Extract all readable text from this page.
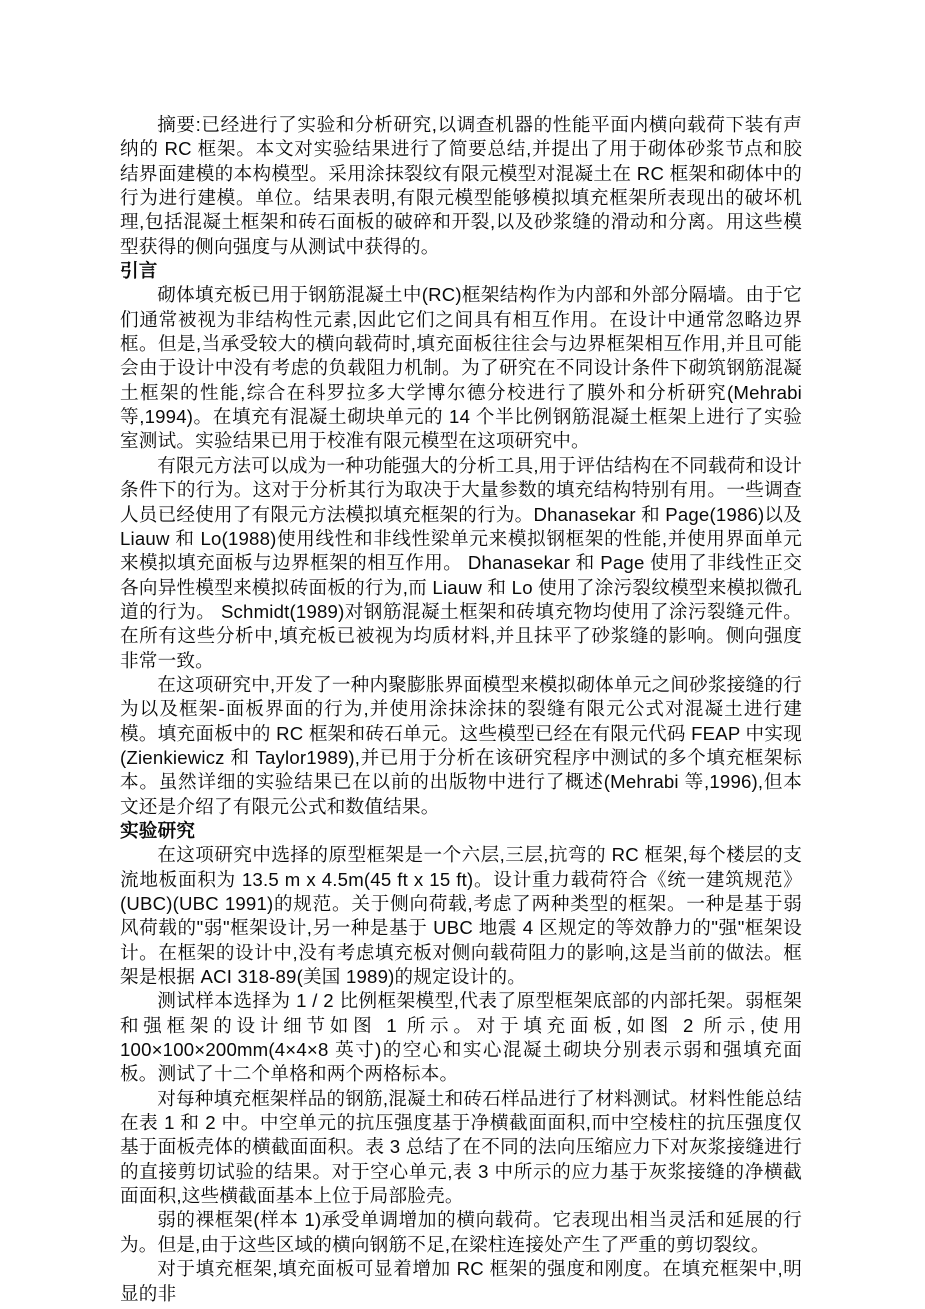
摘要:已经进行了实验和分析研究,以调查机器的性能平面内横向载荷下装有声纳的 RC 框架。本文对实验结果进行了简要总结,并提出了用于砌体砂浆节点和胶结界面建模的本构模型。采用涂抹裂纹有限元模型对混凝土在 RC 框架和砌体中的行为进行建模。单位。结果表明,有限元模型能够模拟填充框架所表现出的破坏机理,包括混凝土框架和砖石面板的破碎和开裂,以及砂浆缝的滑动和分离。用这些模型获得的侧向强度与从测试中获得的。

引言

砌体填充板已用于钢筋混凝土中(RC)框架结构作为内部和外部分隔墙。由于它们通常被视为非结构性元素,因此它们之间具有相互作用。在设计中通常忽略边界框。但是,当承受较大的横向载荷时,填充面板往往会与边界框架相互作用,并且可能会由于设计中没有考虑的负载阻力机制。为了研究在不同设计条件下砌筑钢筋混凝土框架的性能,综合在科罗拉多大学博尔德分校进行了膜外和分析研究(Mehrabi 等,1994)。在填充有混凝土砌块单元的 14 个半比例钢筋混凝土框架上进行了实验室测试。实验结果已用于校准有限元模型在这项研究中。

有限元方法可以成为一种功能强大的分析工具,用于评估结构在不同载荷和设计条件下的行为。这对于分析其行为取决于大量参数的填充结构特别有用。一些调查人员已经使用了有限元方法模拟填充框架的行为。Dhanasekar 和 Page(1986)以及 Liauw 和 Lo(1988)使用线性和非线性梁单元来模拟钢框架的性能,并使用界面单元来模拟填充面板与边界框架的相互作用。 Dhanasekar 和 Page 使用了非线性正交各向异性模型来模拟砖面板的行为,而 Liauw 和 Lo 使用了涂污裂纹模型来模拟微孔道的行为。 Schmidt(1989)对钢筋混凝土框架和砖填充物均使用了涂污裂缝元件。在所有这些分析中,填充板已被视为均质材料,并且抹平了砂浆缝的影响。侧向强度非常一致。

在这项研究中,开发了一种内聚膨胀界面模型来模拟砌体单元之间砂浆接缝的行为以及框架-面板界面的行为,并使用涂抹涂抹的裂缝有限元公式对混凝土进行建模。填充面板中的 RC 框架和砖石单元。这些模型已经在有限元代码 FEAP 中实现(Zienkiewicz 和 Taylor1989),并已用于分析在该研究程序中测试的多个填充框架标本。虽然详细的实验结果已在以前的出版物中进行了概述(Mehrabi 等,1996),但本文还是介绍了有限元公式和数值结果。

实验研究

在这项研究中选择的原型框架是一个六层,三层,抗弯的 RC 框架,每个楼层的支流地板面积为 13.5 m x 4.5m(45 ft x 15 ft)。设计重力载荷符合《统一建筑规范》(UBC)(UBC 1991)的规范。关于侧向荷载,考虑了两种类型的框架。一种是基于弱风荷载的"弱"框架设计,另一种是基于 UBC 地震 4 区规定的等效静力的"强"框架设计。在框架的设计中,没有考虑填充板对侧向载荷阻力的影响,这是当前的做法。框架是根据 ACI 318-89(美国 1989)的规定设计的。

测试样本选择为 1 / 2 比例框架模型,代表了原型框架底部的内部托架。弱框架和强框架的设计细节如图 1 所示。对于填充面板,如图 2 所示,使用 100×100×200mm(4×4×8 英寸)的空心和实心混凝土砌块分别表示弱和强填充面板。测试了十二个单格和两个两格标本。

对每种填充框架样品的钢筋,混凝土和砖石样品进行了材料测试。材料性能总结在表 1 和 2 中。中空单元的抗压强度基于净横截面面积,而中空棱柱的抗压强度仅基于面板壳体的横截面面积。表 3 总结了在不同的法向压缩应力下对灰浆接缝进行的直接剪切试验的结果。对于空心单元,表 3 中所示的应力基于灰浆接缝的净横截面面积,这些横截面基本上位于局部脸壳。

弱的裸框架(样本 1)承受单调增加的横向载荷。它表现出相当灵活和延展的行为。但是,由于这些区域的横向钢筋不足,在梁柱连接处产生了严重的剪切裂纹。

对于填充框架,填充面板可显着增加 RC 框架的强度和刚度。在填充框架中,明显的非
